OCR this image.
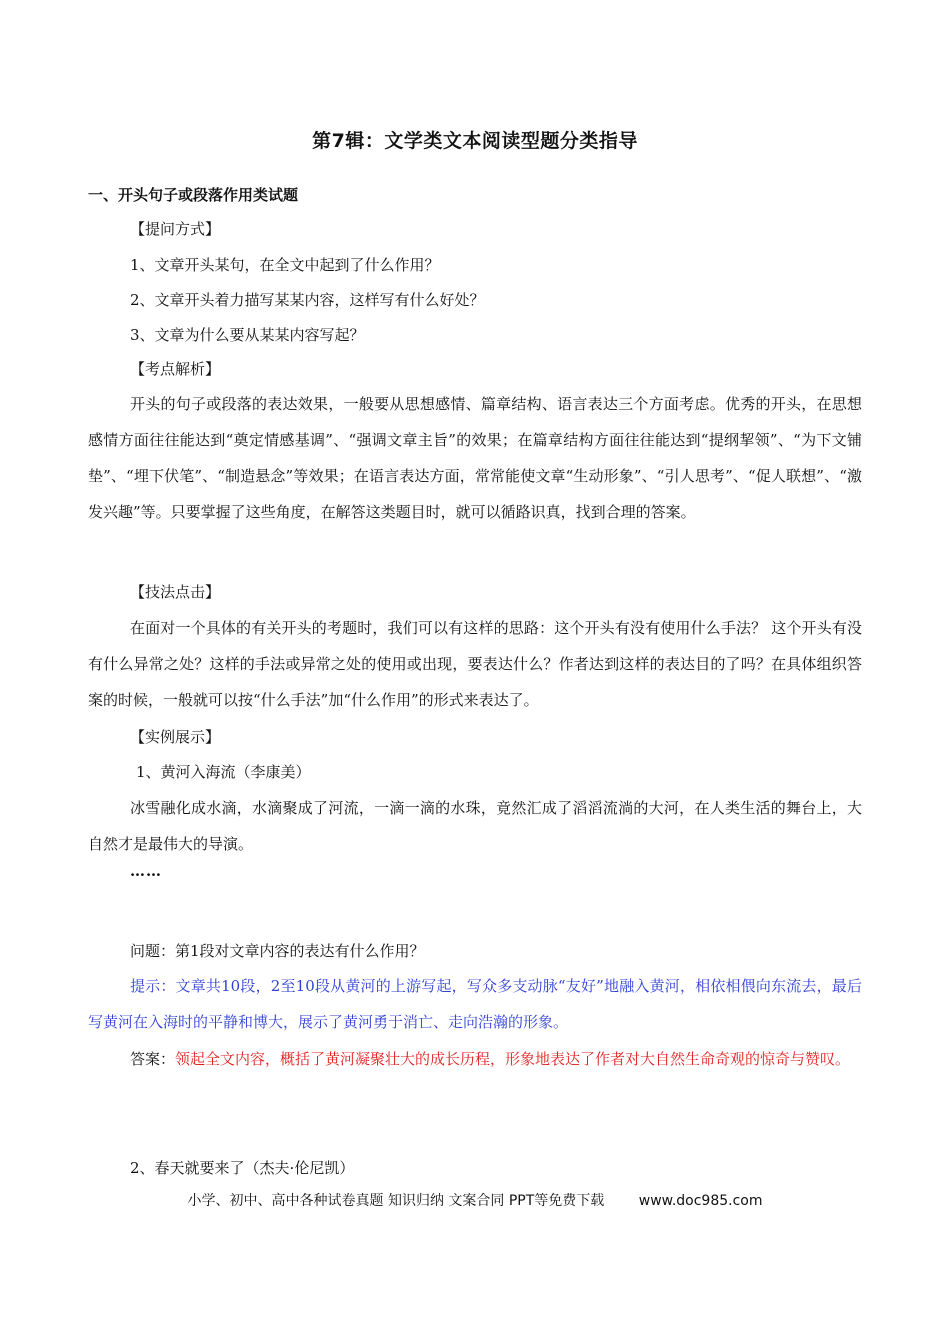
第7辑：文学类文本阅读型题分类指导
一、开头句子或段落作用类试题
【提问方式】
1、文章开头某句，在全文中起到了什么作用？
2、文章开头着力描写某某内容，这样写有什么好处？
3、文章为什么要从某某内容写起？
【考点解析】
开头的句子或段落的表达效果，一般要从思想感情、篇章结构、语言表达三个方面考虑。优秀的开头，在思想感情方面往往能达到“奠定情感基调”、“强调文章主旨”的效果；在篇章结构方面往往能达到“提纲挈领”、“为下文铺垫”、“埋下伏笔”、“制造悬念”等效果；在语言表达方面，常常能使文章“生动形象”、“引人思考”、“促人联想”、“激发兴趣”等。只要掌握了这些角度，在解答这类题目时，就可以循路识真，找到合理的答案。
【技法点击】
在面对一个具体的有关开头的考题时，我们可以有这样的思路：这个开头有没有使用什么手法？ 这个开头有没有什么异常之处？这样的手法或异常之处的使用或出现，要表达什么？作者达到这样的表达目的了吗？在具体组织答案的时候，一般就可以按“什么手法”加“什么作用”的形式来表达了。
【实例展示】
1、黄河入海流（李康美）
冰雪融化成水滴，水滴聚成了河流，一滴一滴的水珠，竟然汇成了滔滔流淌的大河，在人类生活的舞台上，大自然才是最伟大的导演。
……
问题：第1段对文章内容的表达有什么作用？
提示：文章共10段，2至10段从黄河的上游写起，写众多支动脉“友好”地融入黄河，相依相偎向东流去，最后写黄河在入海时的平静和博大，展示了黄河勇于消亡、走向浩瀚的形象。
答案：领起全文内容，概括了黄河凝聚壮大的成长历程，形象地表达了作者对大自然生命奇观的惊奇与赞叹。
2、春天就要来了（杰夫·伦尼凯）
小学、初中、高中各种试卷真题 知识归纳 文案合同 PPT等免费下载 www.doc985.com
